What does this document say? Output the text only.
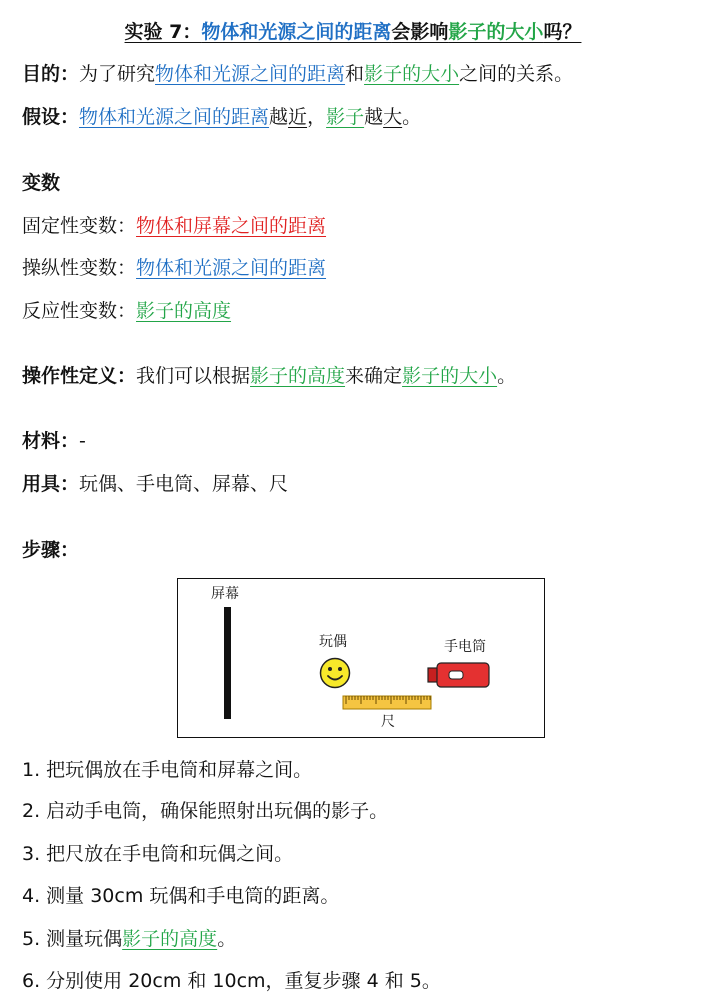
实验 7：物体和光源之间的距离会影响影子的大小吗？
目的：为了研究物体和光源之间的距离和影子的大小之间的关系。
假设：物体和光源之间的距离越近，影子越大。
变数
固定性变数：物体和屏幕之间的距离
操纵性变数：物体和光源之间的距离
反应性变数：影子的高度
操作性定义：我们可以根据影子的高度来确定影子的大小。
材料：-
用具：玩偶、手电筒、屏幕、尺
步骤：
屏幕
玩偶	手电筒
尺
1. 把玩偶放在手电筒和屏幕之间。
2. 启动手电筒，确保能照射出玩偶的影子。
3. 把尺放在手电筒和玩偶之间。
4. 测量 30cm 玩偶和手电筒的距离。
5. 测量玩偶影子的高度。
6. 分别使用 20cm 和 10cm，重复步骤 4 和 5。
